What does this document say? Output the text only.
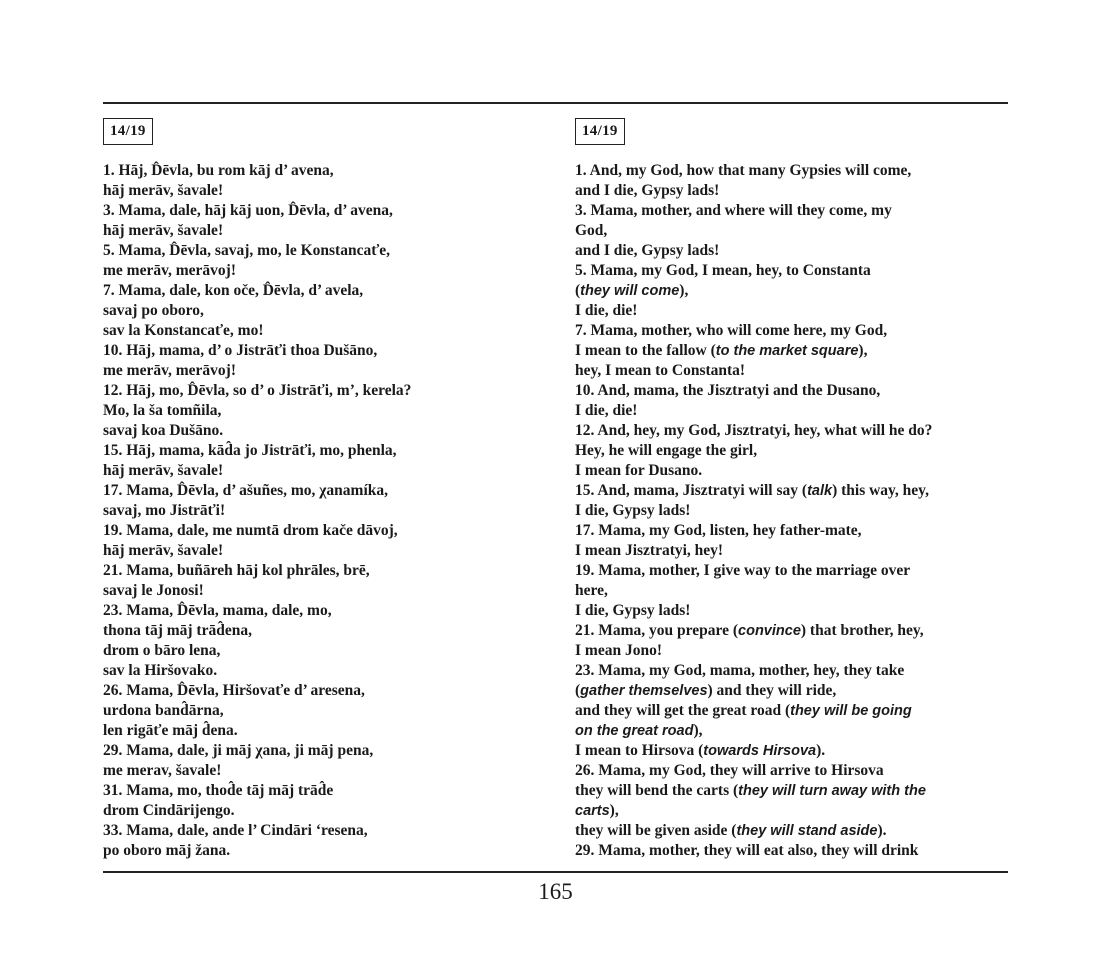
14/19
1. Hāj, D̂ēvla, bu rom kāj d’ avena,
hāj merāv, šavale!
3. Mama, dale, hāj kāj uon, D̂ēvla, d’ avena,
hāj merāv, šavale!
5. Mama, D̂ēvla, savaj, mo, le Konstancaťe,
me merāv, merāvoj!
7. Mama, dale, kon oče, D̂ēvla, d’ avela,
savaj po oboro,
sav la Konstancaťe, mo!
10. Hāj, mama, d’ o Jistrāťi thoa Dušāno,
me merāv, merāvoj!
12. Hāj, mo, D̂ēvla, so d’ o Jistrāťi, m’, kerela?
Mo, la ša tomñila,
savaj koa Dušāno.
15. Hāj, mama, kād̂a jo Jistrāťi, mo, phenla,
hāj merāv, šavale!
17. Mama, D̂ēvla, d’ ašuñes, mo, χanamíka,
savaj, mo Jistrāťi!
19. Mama, dale, me numtā drom kače dāvoj,
hāj merāv, šavale!
21. Mama, buñāreh hāj kol phrāles, brē,
savaj le Jonosi!
23. Mama, D̂ēvla, mama, dale, mo,
thona tāj māj trād̂ena,
drom o bāro lena,
sav la Hiršovako.
26. Mama, D̂ēvla, Hiršovaťe d’ aresena,
urdona band̂ārna,
len rigāťe māj d̂ena.
29. Mama, dale, ji māj χana, ji māj pena,
me merav, šavale!
31. Mama, mo, thod̂e tāj māj trād̂e
drom Cindārijengo.
33. Mama, dale, ande l’ Cindāri ‘resena,
po oboro māj žana.
14/19
1. And, my God, how that many Gypsies will come,
and I die, Gypsy lads!
3. Mama, mother, and where will they come, my
God,
and I die, Gypsy lads!
5. Mama, my God, I mean, hey, to Constanta
(they will come),
I die, die!
7. Mama, mother, who will come here, my God,
I mean to the fallow (to the market square),
hey, I mean to Constanta!
10. And, mama, the Jisztratyi and the Dusano,
I die, die!
12. And, hey, my God, Jisztratyi, hey, what will he do?
Hey, he will engage the girl,
I mean for Dusano.
15. And, mama, Jisztratyi will say (talk) this way, hey,
I die, Gypsy lads!
17. Mama, my God, listen, hey father-mate,
I mean Jisztratyi, hey!
19. Mama, mother, I give way to the marriage over
here,
I die, Gypsy lads!
21. Mama, you prepare (convince) that brother, hey,
I mean Jono!
23. Mama, my God, mama, mother, hey, they take
(gather themselves) and they will ride,
and they will get the great road (they will be going
on the great road),
I mean to Hirsova (towards Hirsova).
26. Mama, my God, they will arrive to Hirsova
they will bend the carts (they will turn away with the
carts),
they will be given aside (they will stand aside).
29. Mama, mother, they will eat also, they will drink
165
